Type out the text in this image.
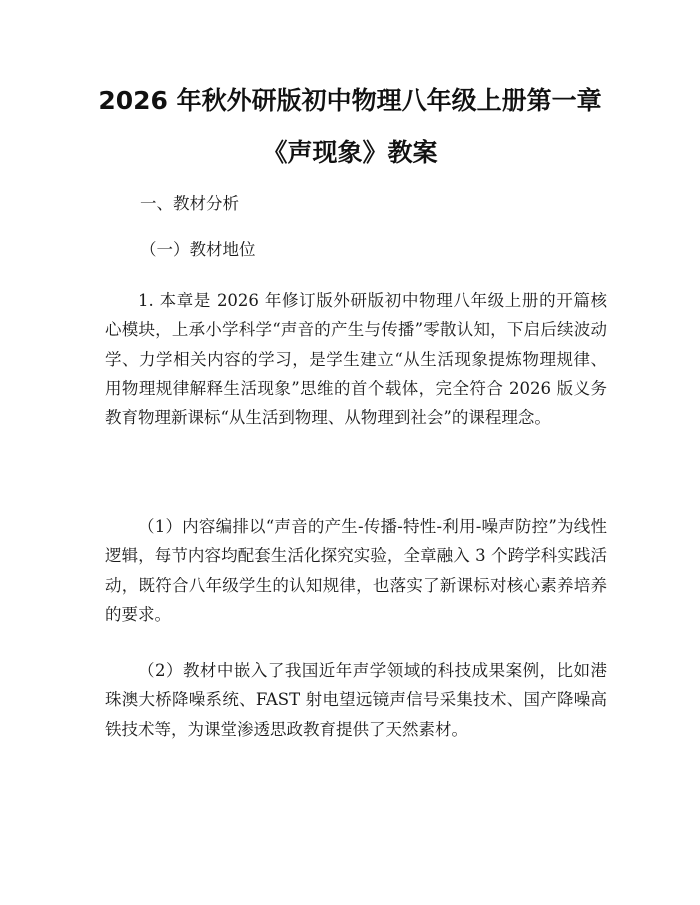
2026 年秋外研版初中物理八年级上册第一章
《声现象》教案
一、教材分析
（一）教材地位
1. 本章是 2026 年修订版外研版初中物理八年级上册的开篇核心模块，上承小学科学“声音的产生与传播”零散认知，下启后续波动学、力学相关内容的学习，是学生建立“从生活现象提炼物理规律、用物理规律解释生活现象”思维的首个载体，完全符合 2026 版义务教育物理新课标“从生活到物理、从物理到社会”的课程理念。
（1）内容编排以“声音的产生-传播-特性-利用-噪声防控”为线性逻辑，每节内容均配套生活化探究实验，全章融入 3 个跨学科实践活动，既符合八年级学生的认知规律，也落实了新课标对核心素养培养的要求。
（2）教材中嵌入了我国近年声学领域的科技成果案例，比如港珠澳大桥降噪系统、FAST 射电望远镜声信号采集技术、国产降噪高铁技术等，为课堂渗透思政教育提供了天然素材。
